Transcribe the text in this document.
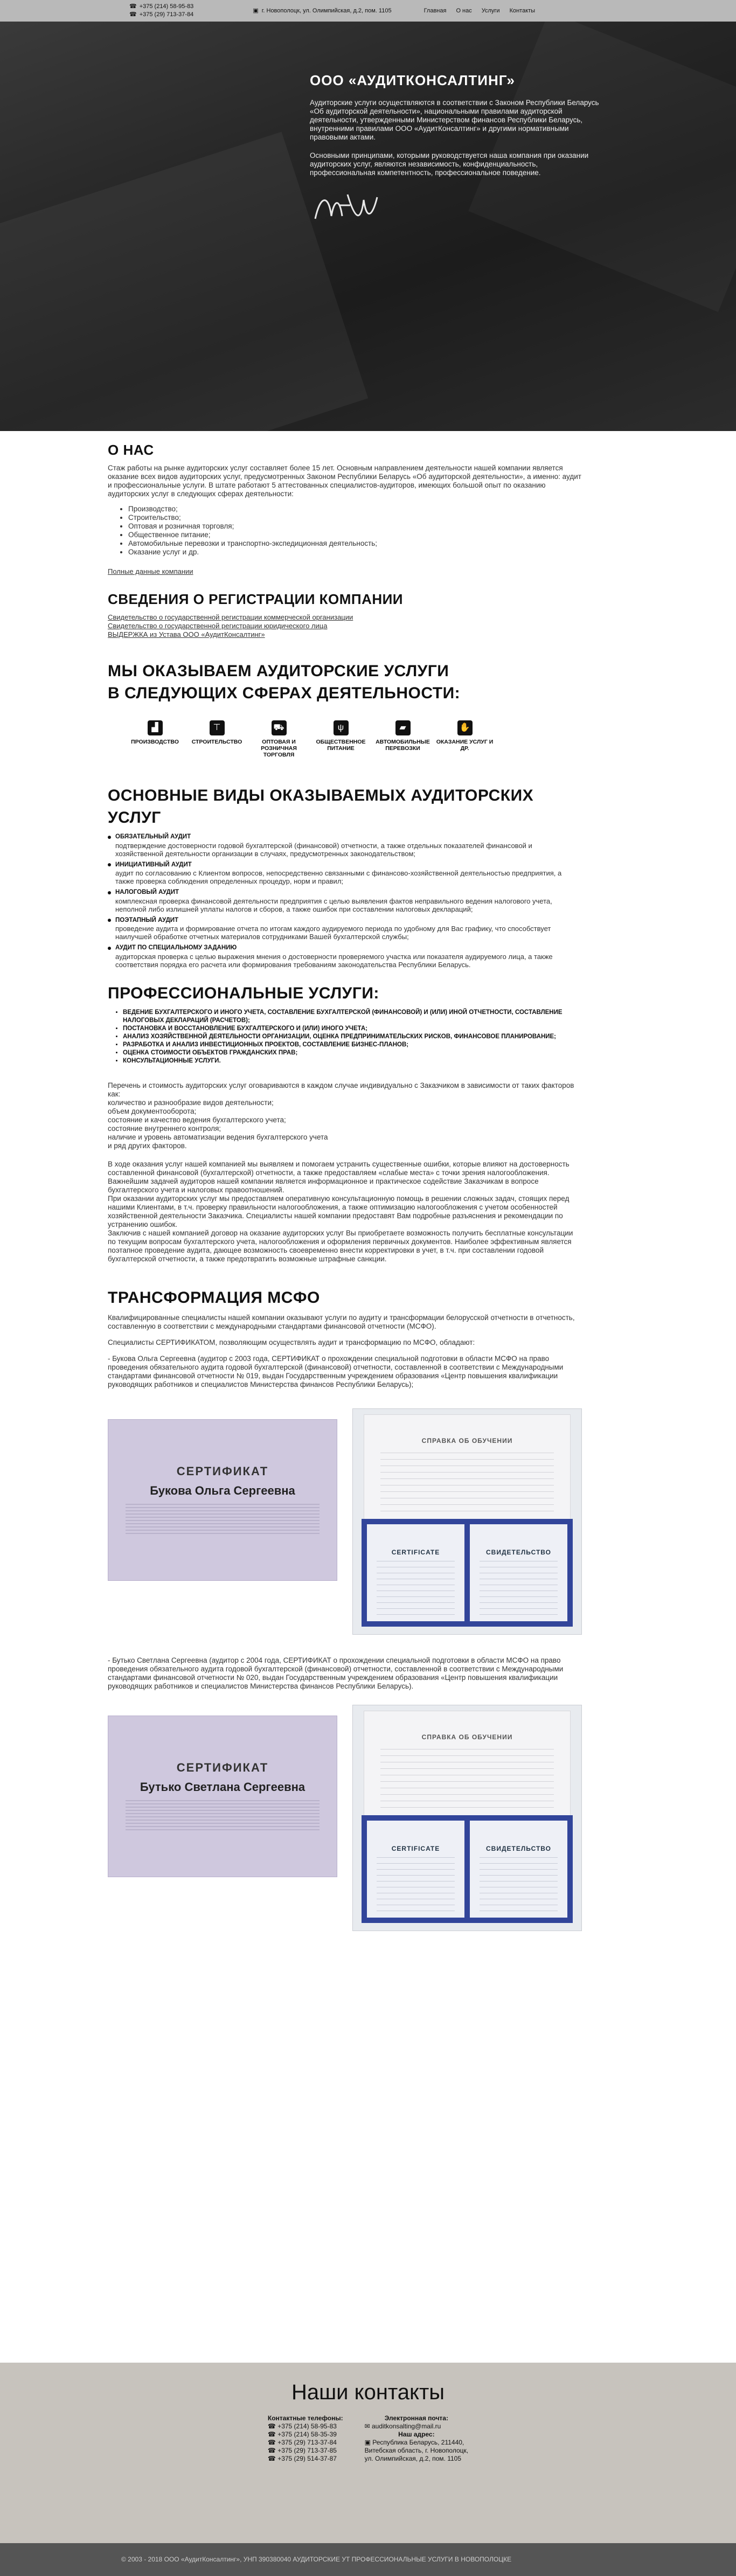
☎ +375 (214) 58-95-83
☎ +375 (29) 713-37-84
▣ г. Новополоцк, ул. Олимпийская, д.2, пом. 1105	Главная О нас Услуги Контакты
ООО «АУДИТКОНСАЛТИНГ»

Аудиторские услуги осуществляются в соответствии с Законом Республики Беларусь «Об аудиторской деятельности», национальными правилами аудиторской деятельности, утвержденными Министерством финансов Республики Беларусь, внутренними правилами ООО «АудитКонсалтинг» и другими нормативными правовыми актами.

Основными принципами, которыми руководствуется наша компания при оказании аудиторских услуг, являются независимость, конфиденциальность, профессиональная компетентность, профессиональное поведение.

О НАС

Стаж работы на рынке аудиторских услуг составляет более 15 лет. Основным направлением деятельности нашей компании является оказание всех видов аудиторских услуг, предусмотренных Законом Республики Беларусь «Об аудиторской деятельности», а именно: аудит и профессиональные услуги. В штате работают 5 аттестованных специалистов-аудиторов, имеющих большой опыт по оказанию аудиторских услуг в следующих сферах деятельности:

• Производство;
• Строительство;
• Оптовая и розничная торговля;
• Общественное питание;
• Автомобильные перевозки и транспортно-экспедиционная деятельность;
• Оказание услуг и др.
Полные данные компании
СВЕДЕНИЯ О РЕГИСТРАЦИИ КОМПАНИИ
Свидетельство о государственной регистрации коммерческой организации
Свидетельство о государственной регистрации юридического лица
ВЫДЕРЖКА из Устава ООО «АудитКонсалтинг»
МЫ ОКАЗЫВАЕМ АУДИТОРСКИЕ УСЛУГИ В СЛЕДУЮЩИХ СФЕРАХ ДЕЯТЕЛЬНОСТИ:
▟
ПРОИЗВОДСТВО
⊤
СТРОИТЕЛЬСТВО
⛟
ОПТОВАЯ И РОЗНИЧНАЯ ТОРГОВЛЯ
ψ
ОБЩЕСТВЕННОЕ ПИТАНИЕ
▰
АВТОМОБИЛЬНЫЕ ПЕРЕВОЗКИ
✋
ОКАЗАНИЕ УСЛУГ И ДР.
ОСНОВНЫЕ ВИДЫ ОКАЗЫВАЕМЫХ АУДИТОРСКИХ УСЛУГ
ОБЯЗАТЕЛЬНЫЙ АУДИТ
подтверждение достоверности годовой бухгалтерской (финансовой) отчетности, а также отдельных показателей финансовой и хозяйственной деятельности организации в случаях, предусмотренных законодательством;
ИНИЦИАТИВНЫЙ АУДИТ
аудит по согласованию с Клиентом вопросов, непосредственно связанными с финансово-хозяйственной деятельностью предприятия, а также проверка соблюдения определенных процедур, норм и правил;
НАЛОГОВЫЙ АУДИТ
комплексная проверка финансовой деятельности предприятия с целью выявления фактов неправильного ведения налогового учета, неполной либо излишней уплаты налогов и сборов, а также ошибок при составлении налоговых деклараций;
ПОЭТАПНЫЙ АУДИТ
проведение аудита и формирование отчета по итогам каждого аудируемого периода по удобному для Вас графику, что способствует наилучшей обработке отчетных материалов сотрудниками Вашей бухгалтерской службы;
АУДИТ ПО СПЕЦИАЛЬНОМУ ЗАДАНИЮ
аудиторская проверка с целью выражения мнения о достоверности проверяемого участка или показателя аудируемого лица, а также соответствия порядка его расчета или формирования требованиям законодательства Республики Беларусь.
ПРОФЕССИОНАЛЬНЫЕ УСЛУГИ:
• ВЕДЕНИЕ БУХГАЛТЕРСКОГО И ИНОГО УЧЕТА, СОСТАВЛЕНИЕ БУХГАЛТЕРСКОЙ (ФИНАНСОВОЙ) И (ИЛИ) ИНОЙ ОТЧЕТНОСТИ, СОСТАВЛЕНИЕ НАЛОГОВЫХ ДЕКЛАРАЦИЙ (РАСЧЕТОВ);
• ПОСТАНОВКА И ВОССТАНОВЛЕНИЕ БУХГАЛТЕРСКОГО И (ИЛИ) ИНОГО УЧЕТА;
• АНАЛИЗ ХОЗЯЙСТВЕННОЙ ДЕЯТЕЛЬНОСТИ ОРГАНИЗАЦИИ, ОЦЕНКА ПРЕДПРИНИМАТЕЛЬСКИХ РИСКОВ, ФИНАНСОВОЕ ПЛАНИРОВАНИЕ;
• РАЗРАБОТКА И АНАЛИЗ ИНВЕСТИЦИОННЫХ ПРОЕКТОВ, СОСТАВЛЕНИЕ БИЗНЕС-ПЛАНОВ;
• ОЦЕНКА СТОИМОСТИ ОБЪЕКТОВ ГРАЖДАНСКИХ ПРАВ;
• КОНСУЛЬТАЦИОННЫЕ УСЛУГИ.

Перечень и стоимость аудиторских услуг оговариваются в каждом случае индивидуально с Заказчиком в зависимости от таких факторов как:

количество и разнообразие видов деятельности;
объем документооборота;
состояние и качество ведения бухгалтерского учета;
состояние внутреннего контроля;
наличие и уровень автоматизации ведения бухгалтерского учета
и ряд других факторов.

В ходе оказания услуг нашей компанией мы выявляем и помогаем устранить существенные ошибки, которые влияют на достоверность составленной финансовой (бухгалтерской) отчетности, а также предоставляем «слабые места» с точки зрения налогообложения. Важнейшим задачей аудиторов нашей компании является информационное и практическое содействие Заказчикам в вопросе бухгалтерского учета и налоговых правоотношений.

При оказании аудиторских услуг мы предоставляем оперативную консультационную помощь в решении сложных задач, стоящих перед нашими Клиентами, в т.ч. проверку правильности налогообложения, а также оптимизацию налогообложения с учетом особенностей хозяйственной деятельности Заказчика. Специалисты нашей компании предоставят Вам подробные разъяснения и рекомендации по устранению ошибок.

Заключив с нашей компанией договор на оказание аудиторских услуг Вы приобретаете возможность получить бесплатные консультации по текущим вопросам бухгалтерского учета, налогообложения и оформления первичных документов. Наиболее эффективным является поэтапное проведение аудита, дающее возможность своевременно внести корректировки в учет, в т.ч. при составлении годовой бухгалтерской отчетности, а также предотвратить возможные штрафные санкции.

ТРАНСФОРМАЦИЯ МСФО

Квалифицированные специалисты нашей компании оказывают услуги по аудиту и трансформации белорусской отчетности в отчетность, составленную в соответствии с международными стандартами финансовой отчетности (МСФО).

Специалисты СЕРТИФИКАТОМ, позволяющим осуществлять аудит и трансформацию по МСФО, обладают:

- Букова Ольга Сергеевна (аудитор с 2003 года, СЕРТИФИКАТ о прохождении специальной подготовки в области МСФО на право проведения обязательного аудита годовой бухгалтерской (финансовой) отчетности, составленной в соответствии с Международными стандартами финансовой отчетности № 019, выдан Государственным учреждением образования «Центр повышения квалификации руководящих работников и специалистов Министерства финансов Республики Беларусь);

СЕРТИФИКАТ
Букова Ольга Сергеевна
СПРАВКА ОБ ОБУЧЕНИИ
CERTIFICATE	СВИДЕТЕЛЬСТВО

- Бутько Светлана Сергеевна (аудитор с 2004 года, СЕРТИФИКАТ о прохождении специальной подготовки в области МСФО на право проведения обязательного аудита годовой бухгалтерской (финансовой) отчетности, составленной в соответствии с Международными стандартами финансовой отчетности № 020, выдан Государственным учреждением образования «Центр повышения квалификации руководящих работников и специалистов Министерства финансов Республики Беларусь).

СЕРТИФИКАТ
Бутько Светлана Сергеевна
СПРАВКА ОБ ОБУЧЕНИИ
CERTIFICATE	СВИДЕТЕЛЬСТВО
Наши контакты
Контактные телефоны:
☎ +375 (214) 58-95-83
☎ +375 (214) 58-35-39
☎ +375 (29) 713-37-84
☎ +375 (29) 713-37-85
☎ +375 (29) 514-37-87
Электронная почта:
✉ auditkonsalting@mail.ru
Наш адрес:
▣ Республика Беларусь, 211440,
Витебская область, г. Новополоцк,
ул. Олимпийская, д.2, пом. 1105
© 2003 - 2018 ООО «АудитКонсалтинг», УНП 390380040 АУДИТОРСКИЕ УТ ПРОФЕССИОНАЛЬНЫЕ УСЛУГИ В НОВОПОЛОЦКЕ
